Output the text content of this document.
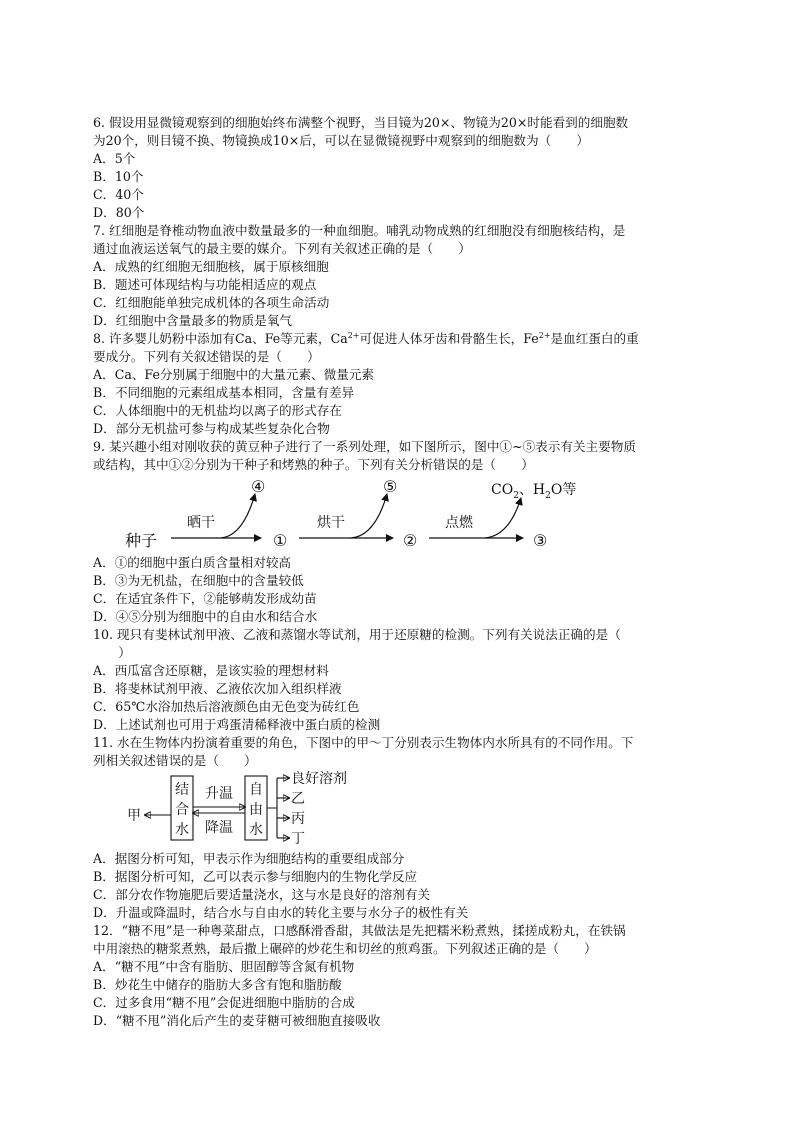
6. 假设用显微镜观察到的细胞始终布满整个视野，当目镜为20×、物镜为20×时能看到的细胞数
为20个，则目镜不换、物镜换成10×后，可以在显微镜视野中观察到的细胞数为（　　）
A．5个
B．10个
C．40个
D．80个
7. 红细胞是脊椎动物血液中数量最多的一种血细胞。哺乳动物成熟的红细胞没有细胞核结构，是
通过血液运送氧气的最主要的媒介。下列有关叙述正确的是（　　）
A．成熟的红细胞无细胞核，属于原核细胞
B．题述可体现结构与功能相适应的观点
C．红细胞能单独完成机体的各项生命活动
D．红细胞中含量最多的物质是氧气
8. 许多婴儿奶粉中添加有Ca、Fe等元素，$Ca^{2+}$可促进人体牙齿和骨骼生长，$Fe^{2+}$是血红蛋白的重
要成分。下列有关叙述错误的是（　　）
A．Ca、Fe分别属于细胞中的大量元素、微量元素
B．不同细胞的元素组成基本相同，含量有差异
C．人体细胞中的无机盐均以离子的形式存在
D．部分无机盐可参与构成某些复杂化合物
9. 某兴趣小组对刚收获的黄豆种子进行了一系列处理，如下图所示，图中①~⑤表示有关主要物质
或结构，其中①②分别为干种子和烤熟的种子。下列有关分析错误的是（　　）
种子
晒干
④
①
烘干
⑤
②
点燃
$CO_2$、$H_2O$等
③
A．①的细胞中蛋白质含量相对较高
B．③为无机盐，在细胞中的含量较低
C．在适宜条件下，②能够萌发形成幼苗
D．④⑤分别为细胞中的自由水和结合水
10. 现只有斐林试剂甲液、乙液和蒸馏水等试剂，用于还原糖的检测。下列有关说法正确的是（
　　）
A．西瓜富含还原糖，是该实验的理想材料
B．将斐林试剂甲液、乙液依次加入组织样液
C．65℃水浴加热后溶液颜色由无色变为砖红色
D．上述试剂也可用于鸡蛋清稀释液中蛋白质的检测
11. 水在生物体内扮演着重要的角色，下图中的甲～丁分别表示生物体内水所具有的不同作用。下
列相关叙述错误的是（　　）
甲
结
合
水
升温
降温
自
由
水
良好溶剂
乙
丙
丁
A．据图分析可知，甲表示作为细胞结构的重要组成部分
B．据图分析可知，乙可以表示参与细胞内的生物化学反应
C．部分农作物施肥后要适量浇水，这与水是良好的溶剂有关
D．升温或降温时，结合水与自由水的转化主要与水分子的极性有关
12．“糖不甩”是一种粤菜甜点，口感酥滑香甜，其做法是先把糯米粉煮熟，揉搓成粉丸，在铁锅
中用滚热的糖浆煮熟，最后撒上碾碎的炒花生和切丝的煎鸡蛋。下列叙述正确的是（　　）
A．“糖不甩”中含有脂肪、胆固醇等含氮有机物
B．炒花生中储存的脂肪大多含有饱和脂肪酸
C．过多食用“糖不甩”会促进细胞中脂肪的合成
D．“糖不甩”消化后产生的麦芽糖可被细胞直接吸收
